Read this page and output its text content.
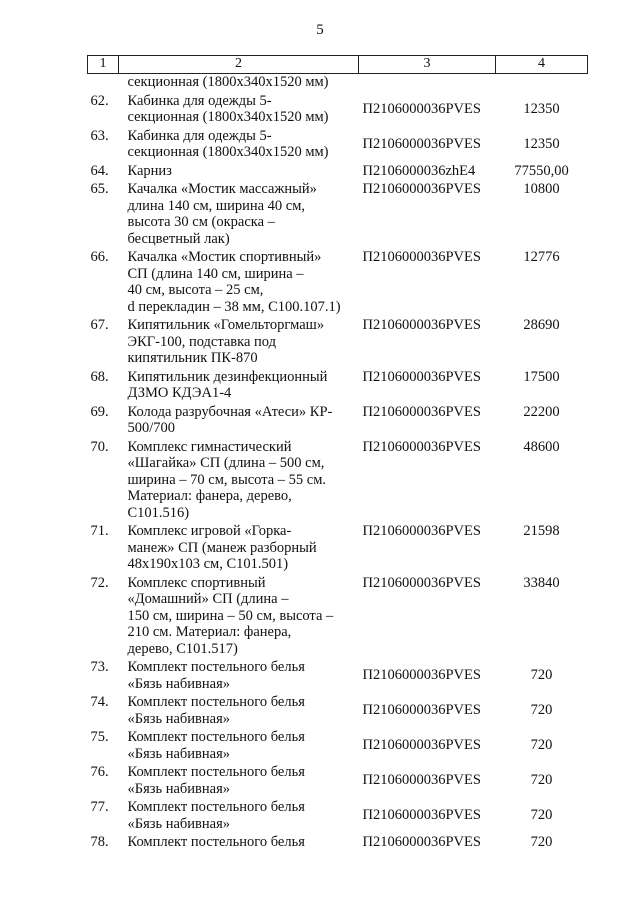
5
1	2	3	4
	секционная (1800х340х1520 мм)		
62.	Кабинка для одежды 5-
секционная (1800х340х1520 мм)	П2106000036PVES	12350
63.	Кабинка для одежды 5-
секционная (1800х340х1520 мм)	П2106000036PVES	12350
64.	Карниз	П2106000036zhE4	77550,00
65.	Качалка «Мостик массажный»
длина 140 см, ширина 40 см,
высота 30 см (окраска –
бесцветный лак)	П2106000036PVES	10800
66.	Качалка «Мостик спортивный»
СП (длина 140 см, ширина –
40 см, высота – 25 см,
d перекладин – 38 мм, С100.107.1)	П2106000036PVES	12776
67.	Кипятильник «Гомельторгмаш»
ЭКГ-100, подставка под
кипятильник ПК-870	П2106000036PVES	28690
68.	Кипятильник дезинфекционный
ДЗМО КДЭА1-4	П2106000036PVES	17500
69.	Колода разрубочная «Атеси» КР-
500/700	П2106000036PVES	22200
70.	Комплекс гимнастический
«Шагайка» СП (длина – 500 см,
ширина – 70 см, высота – 55 см.
Материал: фанера, дерево,
С101.516)	П2106000036PVES	48600
71.	Комплекс игровой «Горка-
манеж» СП (манеж разборный
48х190х103 см, С101.501)	П2106000036PVES	21598
72.	Комплекс спортивный
«Домашний» СП (длина –
150 см, ширина – 50 см, высота –
210 см. Материал: фанера,
дерево, С101.517)	П2106000036PVES	33840
73.	Комплект постельного белья
«Бязь набивная»	П2106000036PVES	720
74.	Комплект постельного белья
«Бязь набивная»	П2106000036PVES	720
75.	Комплект постельного белья
«Бязь набивная»	П2106000036PVES	720
76.	Комплект постельного белья
«Бязь набивная»	П2106000036PVES	720
77.	Комплект постельного белья
«Бязь набивная»	П2106000036PVES	720
78.	Комплект постельного белья	П2106000036PVES	720
